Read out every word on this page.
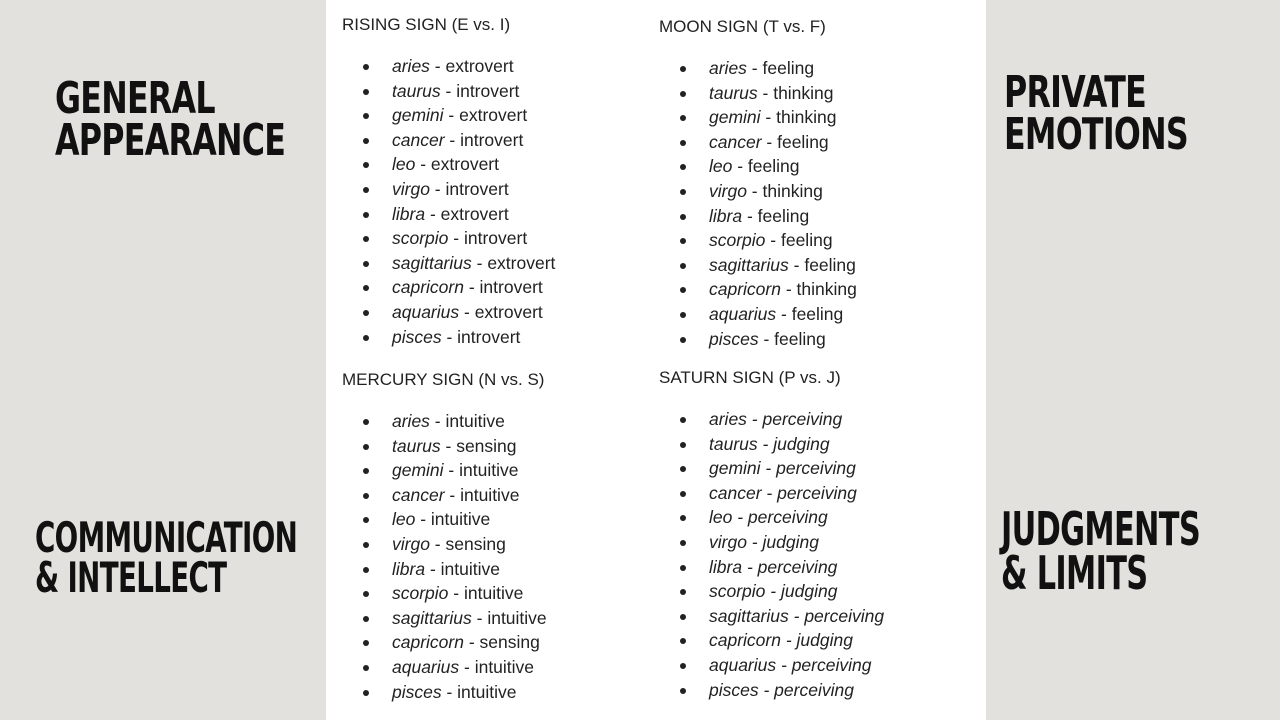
GENERAL
APPEARANCE
PRIVATE
EMOTIONS
COMMUNICATION
& INTELLECT
JUDGMENTS
& LIMITS
RISING SIGN (E vs. I)
aries - extrovert
taurus - introvert
gemini - extrovert
cancer - introvert
leo - extrovert
virgo - introvert
libra - extrovert
scorpio - introvert
sagittarius - extrovert
capricorn - introvert
aquarius - extrovert
pisces - introvert
MOON SIGN (T vs. F)
aries - feeling
taurus - thinking
gemini - thinking
cancer - feeling
leo - feeling
virgo - thinking
libra - feeling
scorpio - feeling
sagittarius - feeling
capricorn - thinking
aquarius - feeling
pisces - feeling
MERCURY SIGN (N vs. S)
aries - intuitive
taurus - sensing
gemini - intuitive
cancer - intuitive
leo - intuitive
virgo - sensing
libra - intuitive
scorpio - intuitive
sagittarius - intuitive
capricorn - sensing
aquarius - intuitive
pisces - intuitive
SATURN SIGN (P vs. J)
aries - perceiving
taurus - judging
gemini - perceiving
cancer - perceiving
leo - perceiving
virgo - judging
libra - perceiving
scorpio - judging
sagittarius - perceiving
capricorn - judging
aquarius - perceiving
pisces - perceiving
